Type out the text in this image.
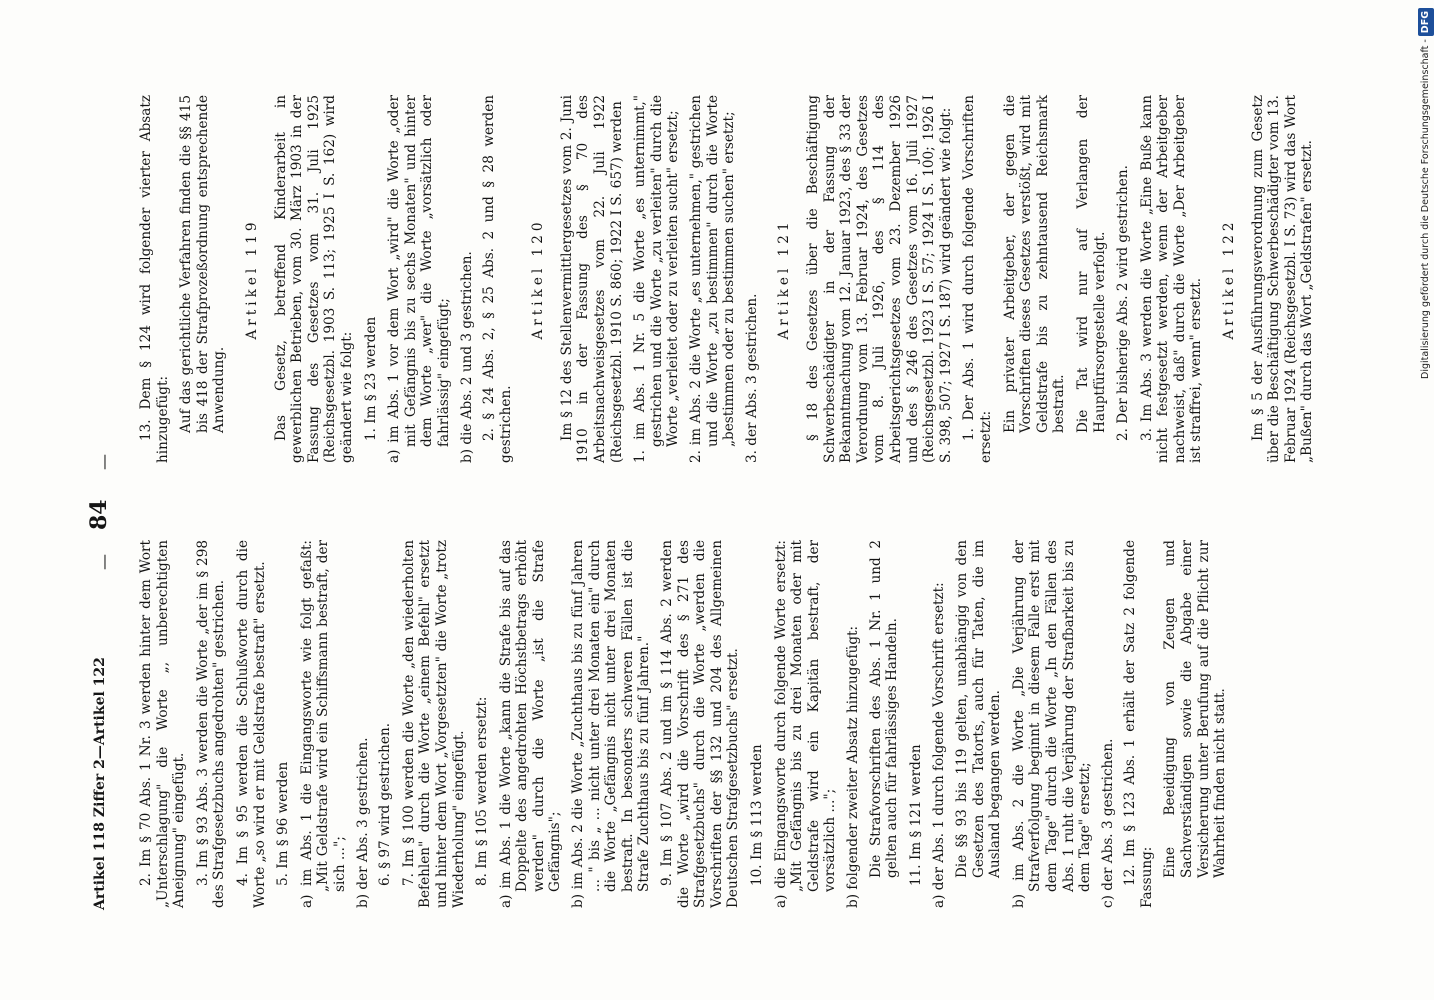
Artikel 118 Ziffer 2—Artikel 122
—
84
—

2. Im § 70 Abs. 1 Nr. 3 werden hinter dem Wort „Unterschlagung" die Worte „, unberechtigten Aneignung" eingefügt. 3. Im § 93 Abs. 3 werden die Worte „der im § 298 des Strafgesetzbuchs angedrohten" gestrichen. 4. Im § 95 werden die Schlußworte durch die Worte „so wird er mit Geldstrafe bestraft" ersetzt. 5. Im § 96 werden a) im Abs. 1 die Eingangsworte wie folgt gefaßt: „Mit Geldstrafe wird ein Schiffsmann bestraft, der sich ..."; b) der Abs. 3 gestrichen. 6. § 97 wird gestrichen. 7. Im § 100 werden die Worte „den wiederholten Befehlen" durch die Worte „einem Befehl" ersetzt und hinter dem Wort „Vorgesetzten" die Worte „trotz Wiederholung" eingefügt. 8. Im § 105 werden ersetzt: a) im Abs. 1 die Worte „kann die Strafe bis auf das Doppelte des angedrohten Höchstbetrags erhöht werden" durch die Worte „ist die Strafe Gefängnis"; b) im Abs. 2 die Worte „Zuchthaus bis zu fünf Jahren ... " bis „ ... nicht unter drei Monaten ein" durch die Worte „Gefängnis nicht unter drei Monaten bestraft. In besonders schweren Fällen ist die Strafe Zuchthaus bis zu fünf Jahren." 9. Im § 107 Abs. 2 und im § 114 Abs. 2 werden die Worte „wird die Vorschrift des § 271 des Strafgesetzbuchs" durch die Worte „werden die Vorschriften der §§ 132 und 204 des Allgemeinen Deutschen Strafgesetzbuchs" ersetzt. 10. Im § 113 werden a) die Eingangsworte durch folgende Worte ersetzt: „Mit Gefängnis bis zu drei Monaten oder mit Geldstrafe wird ein Kapitän bestraft, der vorsätzlich ..."; b) folgender zweiter Absatz hinzugefügt: Die Strafvorschriften des Abs. 1 Nr. 1 und 2 gelten auch für fahrlässiges Handeln. 11. Im § 121 werden a) der Abs. 1 durch folgende Vorschrift ersetzt: Die §§ 93 bis 119 gelten, unabhängig von den Gesetzen des Tatorts, auch für Taten, die im Ausland begangen werden. b) im Abs. 2 die Worte „Die Verjährung der Strafverfolgung beginnt in diesem Falle erst mit dem Tage" durch die Worte „In den Fällen des Abs. 1 ruht die Verjährung der Strafbarkeit bis zu dem Tage" ersetzt; c) der Abs. 3 gestrichen. 12. Im § 123 Abs. 1 erhält der Satz 2 folgende Fassung: Eine Beeidigung von Zeugen und Sachverständigen sowie die Abgabe einer Versicherung unter Berufung auf die Pflicht zur Wahrheit finden nicht statt.

13. Dem § 124 wird folgender vierter Absatz hinzugefügt: Auf das gerichtliche Verfahren finden die §§ 415 bis 418 der Strafprozeßordnung entsprechende Anwendung.

Artikel 119 Das Gesetz, betreffend Kinderarbeit in gewerblichen Betrieben, vom 30. März 1903 in der Fassung des Gesetzes vom 31. Juli 1925 (Reichsgesetzbl. 1903 S. 113; 1925 I S. 162) wird geändert wie folgt: 1. Im § 23 werden a) im Abs. 1 vor dem Wort „wird" die Worte „oder mit Gefängnis bis zu sechs Monaten" und hinter dem Worte „wer" die Worte „vorsätzlich oder fahrlässig" eingefügt; b) die Abs. 2 und 3 gestrichen. 2. § 24 Abs. 2, § 25 Abs. 2 und § 28 werden gestrichen.

Artikel 120 Im § 12 des Stellenvermittlergesetzes vom 2. Juni 1910 in der Fassung des § 70 des Arbeitsnachweisgesetzes vom 22. Juli 1922 (Reichsgesetzbl. 1910 S. 860; 1922 I S. 657) werden 1. im Abs. 1 Nr. 5 die Worte „es unternimmt," gestrichen und die Worte „zu verleiten" durch die Worte „verleitet oder zu verleiten sucht" ersetzt; 2. im Abs. 2 die Worte „es unternehmen," gestrichen und die Worte „zu bestimmen" durch die Worte „bestimmen oder zu bestimmen suchen" ersetzt; 3. der Abs. 3 gestrichen.

Artikel 121 § 18 des Gesetzes über die Beschäftigung Schwerbeschädigter in der Fassung der Bekanntmachung vom 12. Januar 1923, des § 33 der Verordnung vom 13. Februar 1924, des Gesetzes vom 8. Juli 1926, des § 114 des Arbeitsgerichtsgesetzes vom 23. Dezember 1926 und des § 246 des Gesetzes vom 16. Juli 1927 (Reichsgesetzbl. 1923 I S. 57; 1924 I S. 100; 1926 I S. 398, 507; 1927 I S. 187) wird geändert wie folgt: 1. Der Abs. 1 wird durch folgende Vorschriften ersetzt:

Ein privater Arbeitgeber, der gegen die Vorschriften dieses Gesetzes verstößt, wird mit Geldstrafe bis zu zehntausend Reichsmark bestraft. Die Tat wird nur auf Verlangen der Hauptfürsorgestelle verfolgt. 2. Der bisherige Abs. 2 wird gestrichen. 3. Im Abs. 3 werden die Worte „Eine Buße kann nicht festgesetzt werden, wenn der Arbeitgeber nachweist, daß" durch die Worte „Der Arbeitgeber ist straffrei, wenn" ersetzt. Artikel 122 Im § 5 der Ausführungsverordnung zum Gesetz über die Beschäftigung Schwerbeschädigter vom 13. Februar 1924 (Reichsgesetzbl. I S. 73) wird das Wort „Bußen" durch das Wort „Geldstrafen" ersetzt.	Digitalisierung gefördert durch die Deutsche Forschungsgemeinschaft -DFG
